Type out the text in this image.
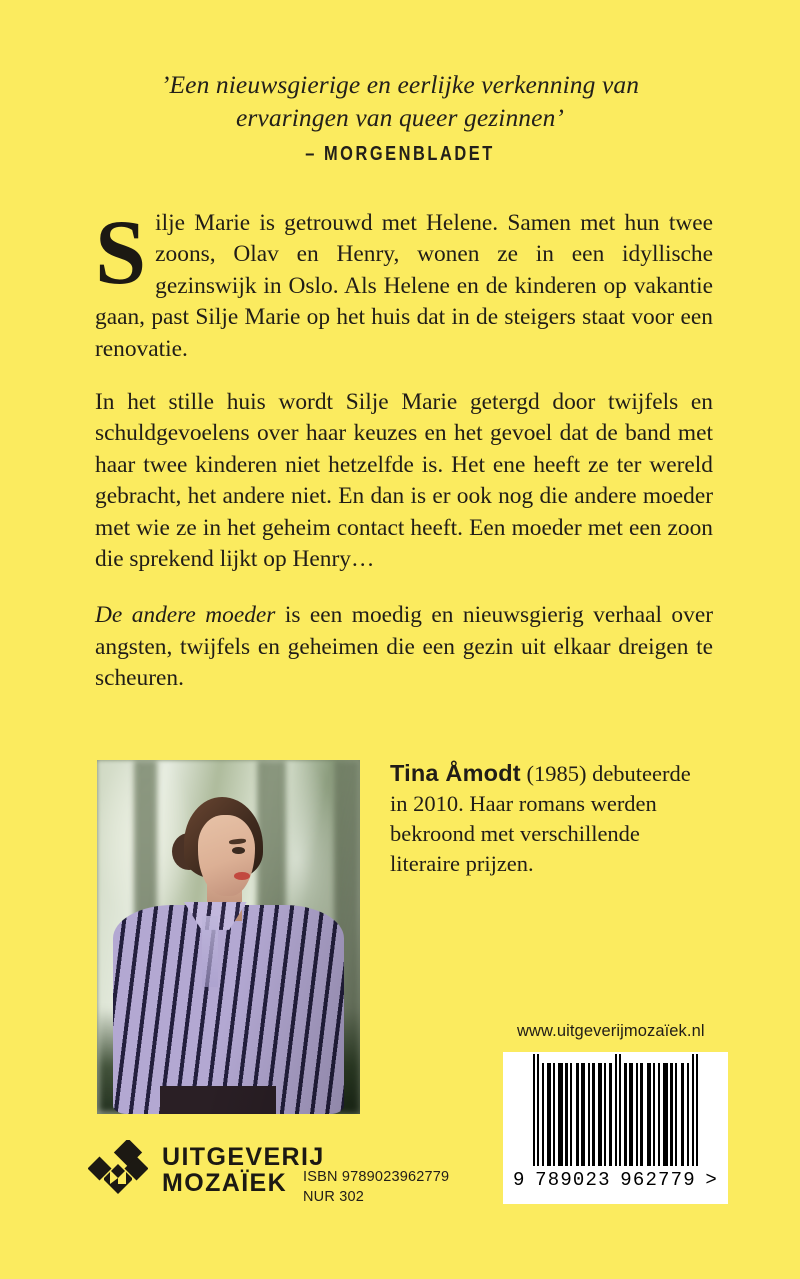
’Een nieuwsgierige en eerlijke verkenning van
ervaringen van queer gezinnen’
– MORGENBLADET

Silje Marie is getrouwd met Helene. Samen met hun twee zoons, Olav en Henry, wonen ze in een idyllische gezinswijk in Oslo. Als Helene en de kinderen op vakantie gaan, past Silje Marie op het huis dat in de steigers staat voor een renovatie.

In het stille huis wordt Silje Marie getergd door twijfels en schuldgevoelens over haar keuzes en het gevoel dat de band met haar twee kinderen niet hetzelfde is. Het ene heeft ze ter wereld gebracht, het andere niet. En dan is er ook nog die andere moeder met wie ze in het geheim contact heeft. Een moeder met een zoon die sprekend lijkt op Henry…

De andere moeder is een moedig en nieuwsgierig verhaal over angsten, twijfels en geheimen die een gezin uit elkaar dreigen te scheuren.

Tina Åmodt (1985) debuteerde in 2010. Haar romans werden bekroond met verschillende literaire prijzen.
www.uitgeverijmozaïek.nl
9 789023 962779 >
UITGEVERIJ
MOZAÏEK	ISBN 9789023962779
NUR 302
